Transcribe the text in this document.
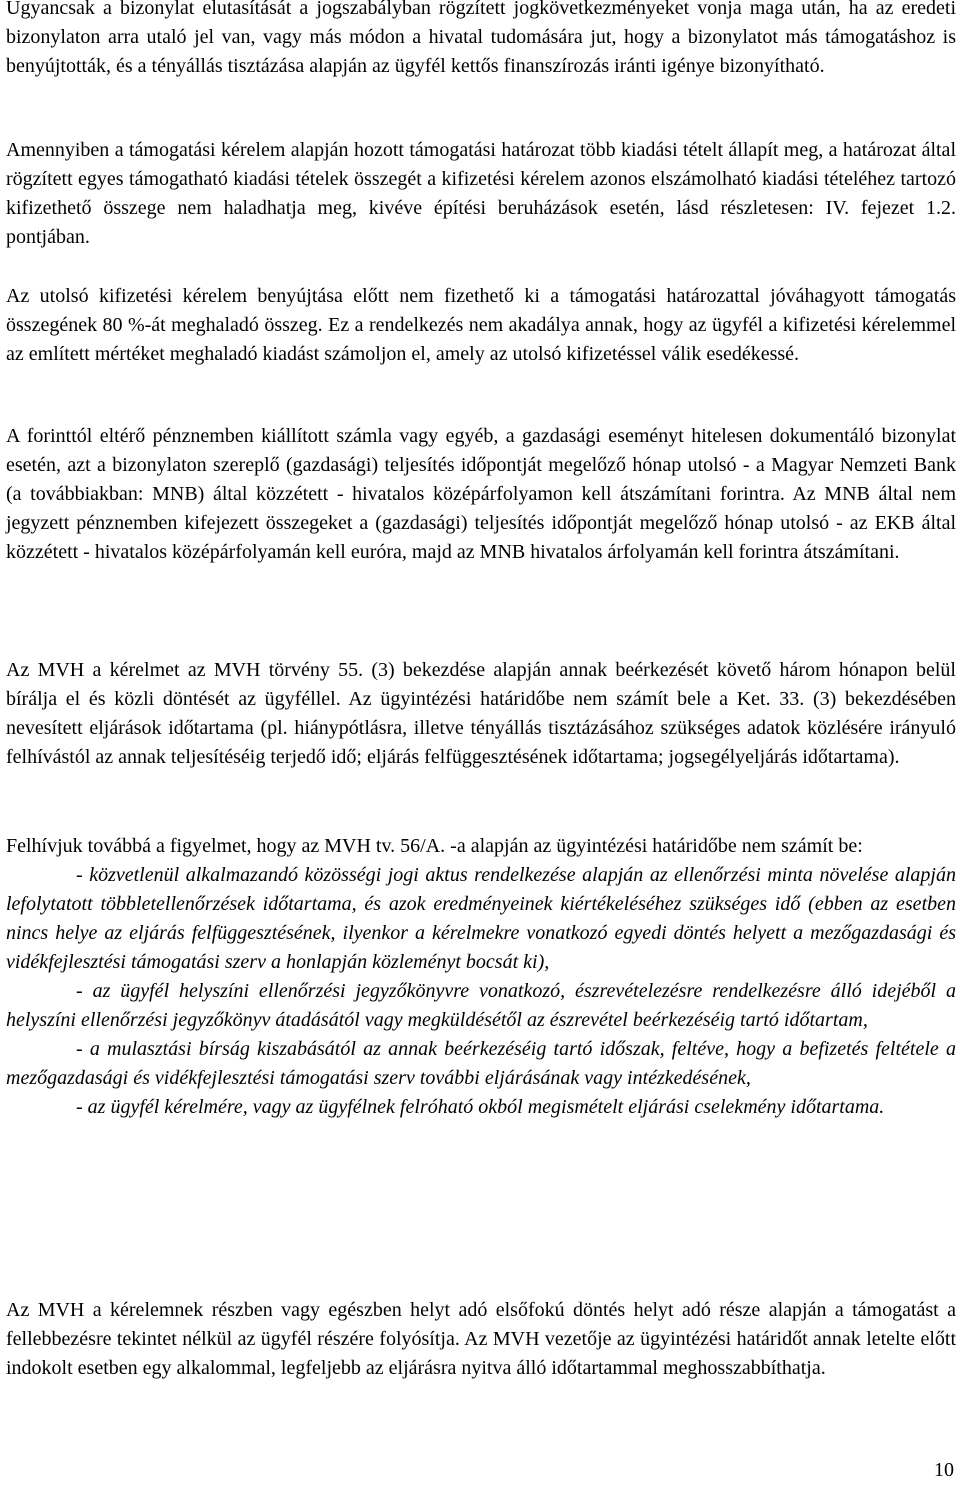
Ugyancsak a bizonylat elutasítását a jogszabályban rögzített jogkövetkezményeket vonja maga után, ha az eredeti bizonylaton arra utaló jel van, vagy más módon a hivatal tudomására jut, hogy a bizonylatot más támogatáshoz is benyújtották, és a tényállás tisztázása alapján az ügyfél kettős finanszírozás iránti igénye bizonyítható.

Amennyiben a támogatási kérelem alapján hozott támogatási határozat több kiadási tételt állapít meg, a határozat által rögzített egyes támogatható kiadási tételek összegét a kifizetési kérelem azonos elszámolható kiadási tételéhez tartozó kifizethető összege nem haladhatja meg, kivéve építési beruházások esetén, lásd részletesen: IV. fejezet 1.2. pontjában.

Az utolsó kifizetési kérelem benyújtása előtt nem fizethető ki a támogatási határozattal jóváhagyott támogatás összegének 80 %-át meghaladó összeg. Ez a rendelkezés nem akadálya annak, hogy az ügyfél a kifizetési kérelemmel az említett mértéket meghaladó kiadást számoljon el, amely az utolsó kifizetéssel válik esedékessé.

A forinttól eltérő pénznemben kiállított számla vagy egyéb, a gazdasági eseményt hitelesen dokumentáló bizonylat esetén, azt a bizonylaton szereplő (gazdasági) teljesítés időpontját megelőző hónap utolsó - a Magyar Nemzeti Bank (a továbbiakban: MNB) által közzétett - hivatalos középárfolyamon kell átszámítani forintra. Az MNB által nem jegyzett pénznemben kifejezett összegeket a (gazdasági) teljesítés időpontját megelőző hónap utolsó - az EKB által közzétett - hivatalos középárfolyamán kell euróra, majd az MNB hivatalos árfolyamán kell forintra átszámítani.

Az MVH a kérelmet az MVH törvény 55. (3) bekezdése alapján annak beérkezését követő három hónapon belül bírálja el és közli döntését az ügyféllel. Az ügyintézési határidőbe nem számít bele a Ket. 33. (3) bekezdésében nevesített eljárások időtartama (pl. hiánypótlásra, illetve tényállás tisztázásához szükséges adatok közlésére irányuló felhívástól az annak teljesítéséig terjedő idő; eljárás felfüggesztésének időtartama; jogsegélyeljárás időtartama).

Felhívjuk továbbá a figyelmet, hogy az MVH tv. 56/A. -a alapján az ügyintézési határidőbe nem számít be:

- közvetlenül alkalmazandó közösségi jogi aktus rendelkezése alapján az ellenőrzési minta növelése alapján lefolytatott többletellenőrzések időtartama, és azok eredményeinek kiértékeléséhez szükséges idő (ebben az esetben nincs helye az eljárás felfüggesztésének, ilyenkor a kérelmekre vonatkozó egyedi döntés helyett a mezőgazdasági és vidékfejlesztési támogatási szerv a honlapján közleményt bocsát ki),

- az ügyfél helyszíni ellenőrzési jegyzőkönyvre vonatkozó, észrevételezésre rendelkezésre álló idejéből a helyszíni ellenőrzési jegyzőkönyv átadásától vagy megküldésétől az észrevétel beérkezéséig tartó időtartam,

- a mulasztási bírság kiszabásától az annak beérkezéséig tartó időszak, feltéve, hogy a befizetés feltétele a mezőgazdasági és vidékfejlesztési támogatási szerv további eljárásának vagy intézkedésének,

- az ügyfél kérelmére, vagy az ügyfélnek felróható okból megismételt eljárási cselekmény időtartama.

Az MVH a kérelemnek részben vagy egészben helyt adó elsőfokú döntés helyt adó része alapján a támogatást a fellebbezésre tekintet nélkül az ügyfél részére folyósítja. Az MVH vezetője az ügyintézési határidőt annak letelte előtt indokolt esetben egy alkalommal, legfeljebb az eljárásra nyitva álló időtartammal meghosszabbíthatja.

10
